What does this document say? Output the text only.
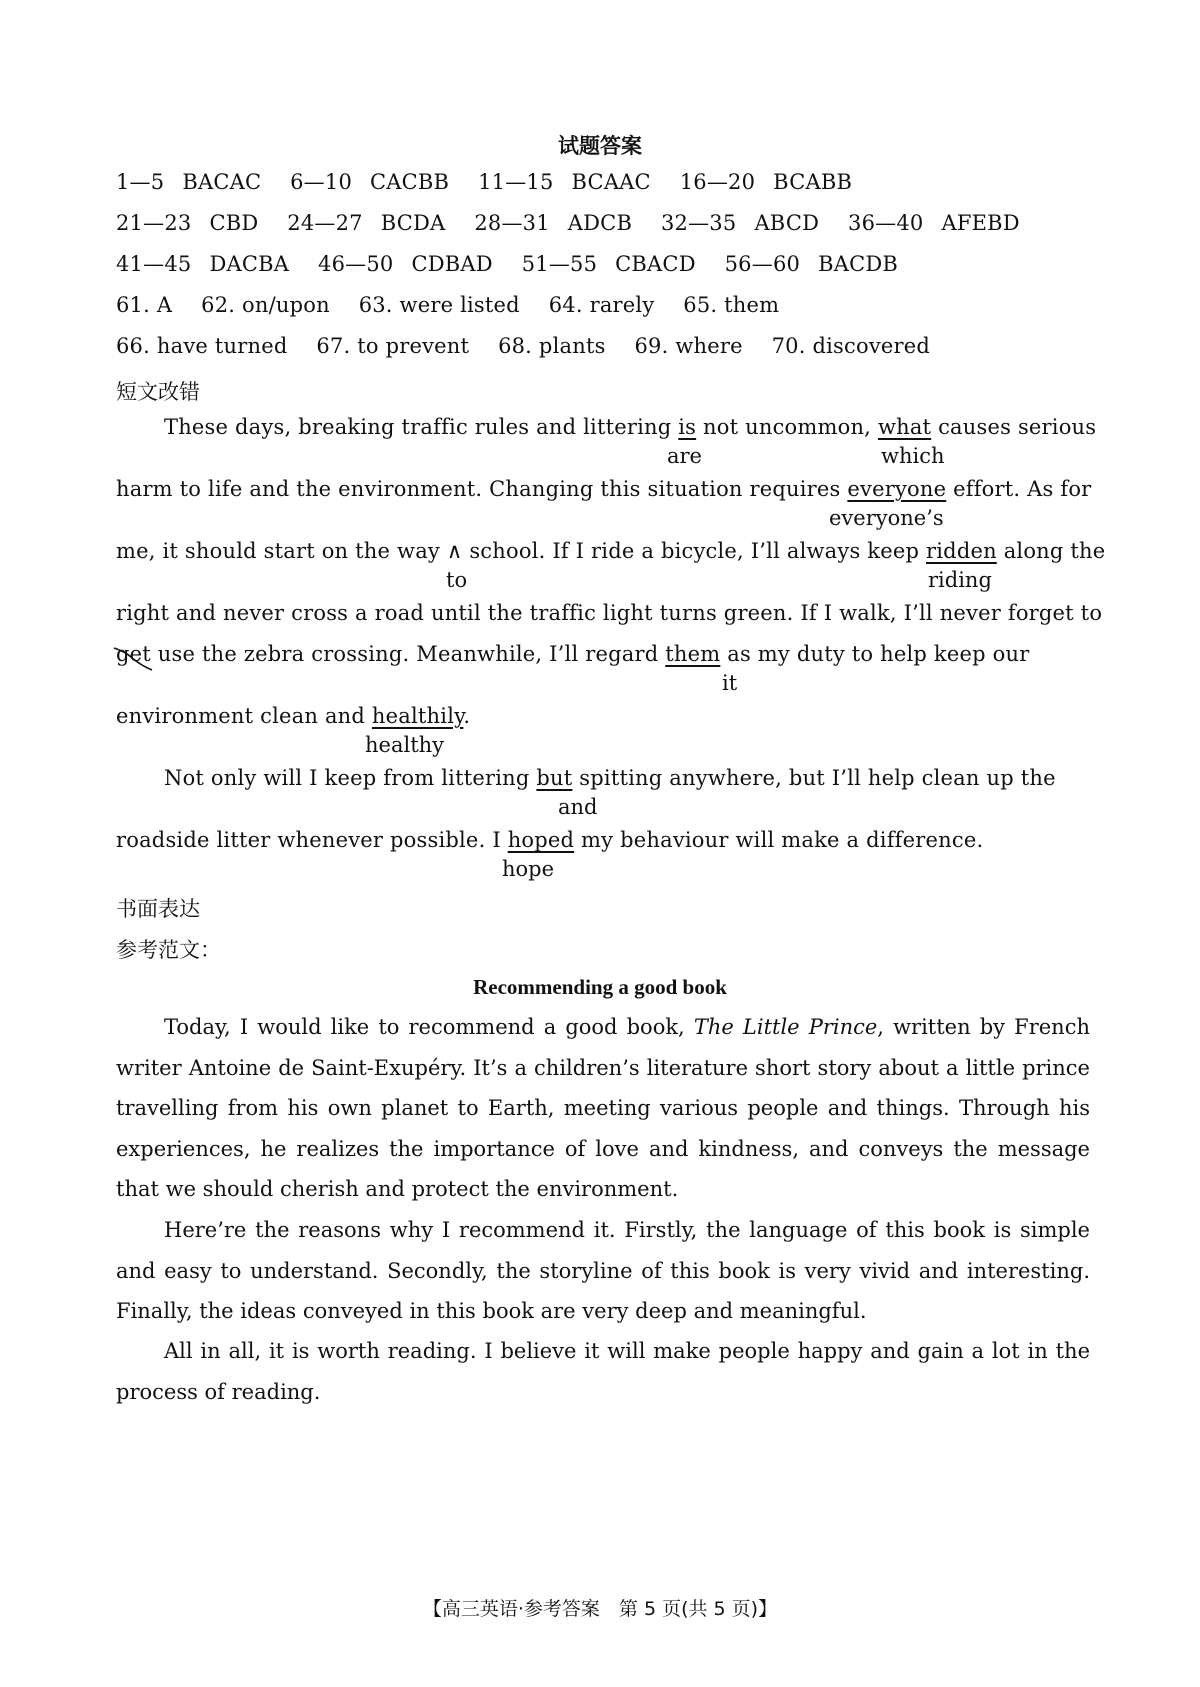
试题答案
1—5 BACAC 6—10 CACBB 11—15 BCAAC 16—20 BCABB
21—23 CBD 24—27 BCDA 28—31 ADCB 32—35 ABCD 36—40 AFEBD
41—45 DACBA 46—50 CDBAD 51—55 CBACD 56—60 BACDB
61. A 62. on/upon 63. were listed 64. rarely 65. them
66. have turned 67. to prevent 68. plants 69. where 70. discovered
短文改错
These days, breaking traffic rules and littering is not uncommon, what causes serious
are	which
harm to life and the environment. Changing this situation requires everyone effort. As for
everyone’s
me, it should start on the way ∧ school. If I ride a bicycle, I’ll always keep ridden along the
to	riding
right and never cross a road until the traffic light turns green. If I walk, I’ll never forget to
get
use the zebra crossing. Meanwhile, I’ll regard them as my duty to help keep our
it
environment clean and healthily.
healthy
Not only will I keep from littering but spitting anywhere, but I’ll help clean up the
and
roadside litter whenever possible. I hoped my behaviour will make a difference.
hope
书面表达
参考范文：
Recommending a good book
Today, I would like to recommend a good book, The Little Prince, written by French writer Antoine de Saint-Exupéry. It’s a children’s literature short story about a little prince travelling from his own planet to Earth, meeting various people and things. Through his experiences, he realizes the importance of love and kindness, and conveys the message that we should cherish and protect the environment.
Here’re the reasons why I recommend it. Firstly, the language of this book is simple and easy to understand. Secondly, the storyline of this book is very vivid and interesting. Finally, the ideas conveyed in this book are very deep and meaningful.
All in all, it is worth reading. I believe it will make people happy and gain a lot in the process of reading.
【高三英语·参考答案　第 5 页(共 5 页)】
